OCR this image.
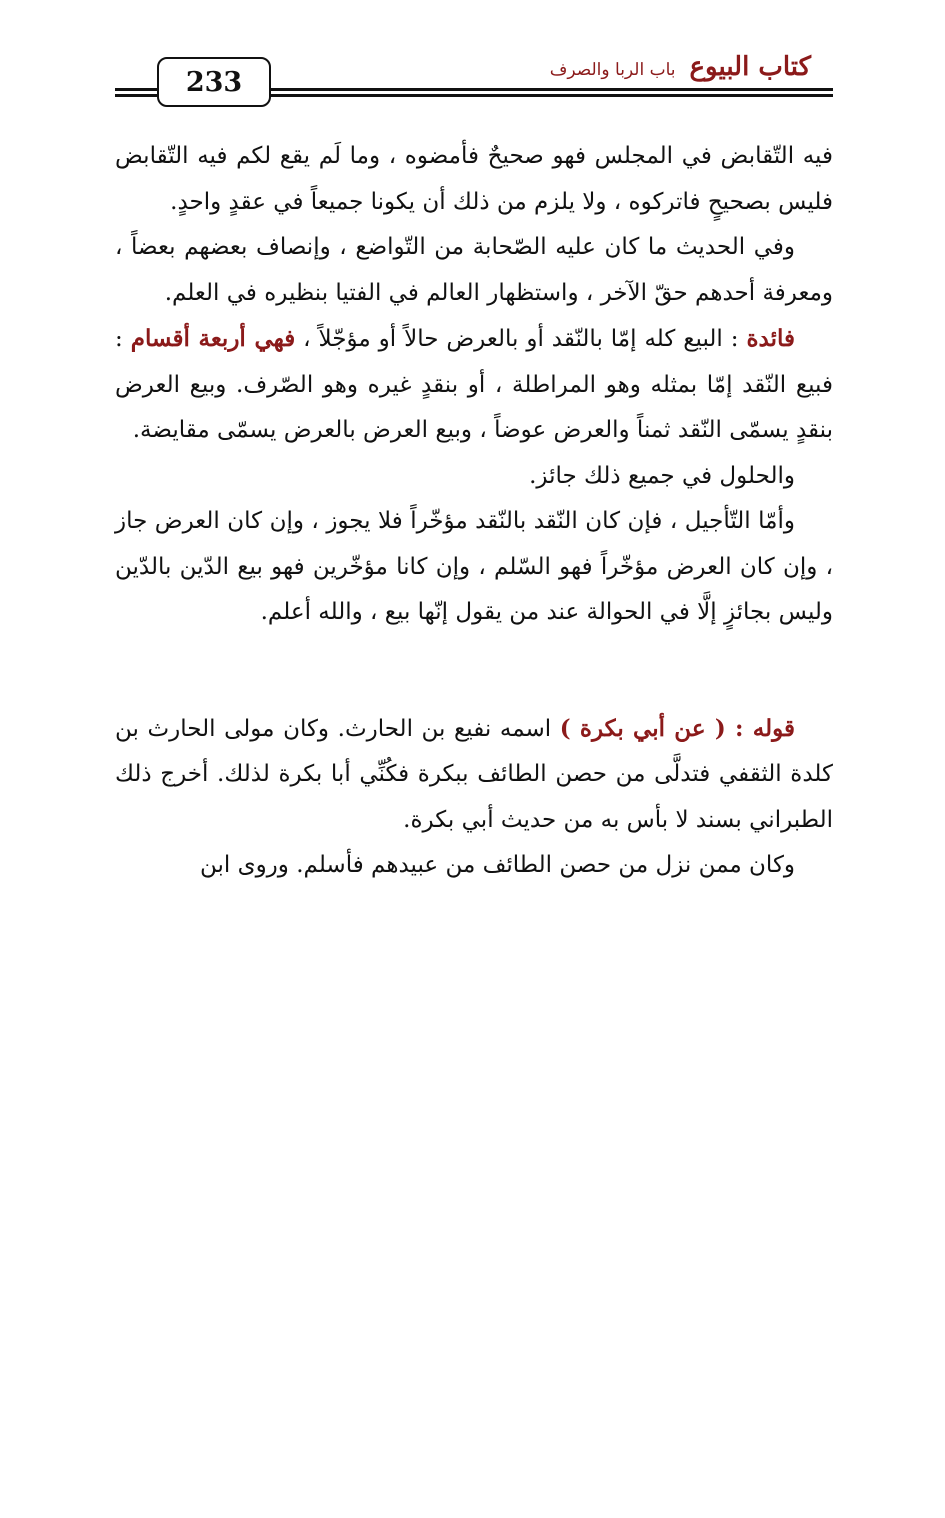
233	كتاب البيوع
باب الربا والصرف

فيه التّقابض في المجلس فهو صحيحٌ فأمضوه ، وما لَم يقع لكم فيه التّقابض فليس بصحيحٍ فاتركوه ، ولا يلزم من ذلك أن يكونا جميعاً في عقدٍ واحدٍ.

وفي الحديث ما كان عليه الصّحابة من التّواضع ، وإنصاف بعضهم بعضاً ، ومعرفة أحدهم حقّ الآخر ، واستظهار العالم في الفتيا بنظيره في العلم.

فائدة : البيع كله إمّا بالنّقد أو بالعرض حالاً أو مؤجّلاً ، فهي أربعة أقسام : فبيع النّقد إمّا بمثله وهو المراطلة ، أو بنقدٍ غيره وهو الصّرف. وبيع العرض بنقدٍ يسمّى النّقد ثمناً والعرض عوضاً ، وبيع العرض بالعرض يسمّى مقايضة.

والحلول في جميع ذلك جائز.

وأمّا التّأجيل ، فإن كان النّقد بالنّقد مؤخّراً فلا يجوز ، وإن كان العرض جاز ، وإن كان العرض مؤخّراً فهو السّلم ، وإن كانا مؤخّرين فهو بيع الدّين بالدّين وليس بجائزٍ إلَّا في الحوالة عند من يقول إنّها بيع ، والله أعلم.

قوله : ( عن أبي بكرة ) اسمه نفيع بن الحارث. وكان مولى الحارث بن كلدة الثقفي فتدلَّى من حصن الطائف ببكرة فكُنِّي أبا بكرة لذلك. أخرج ذلك الطبراني بسند لا بأس به من حديث أبي بكرة.

وكان ممن نزل من حصن الطائف من عبيدهم فأسلم. وروى ابن
